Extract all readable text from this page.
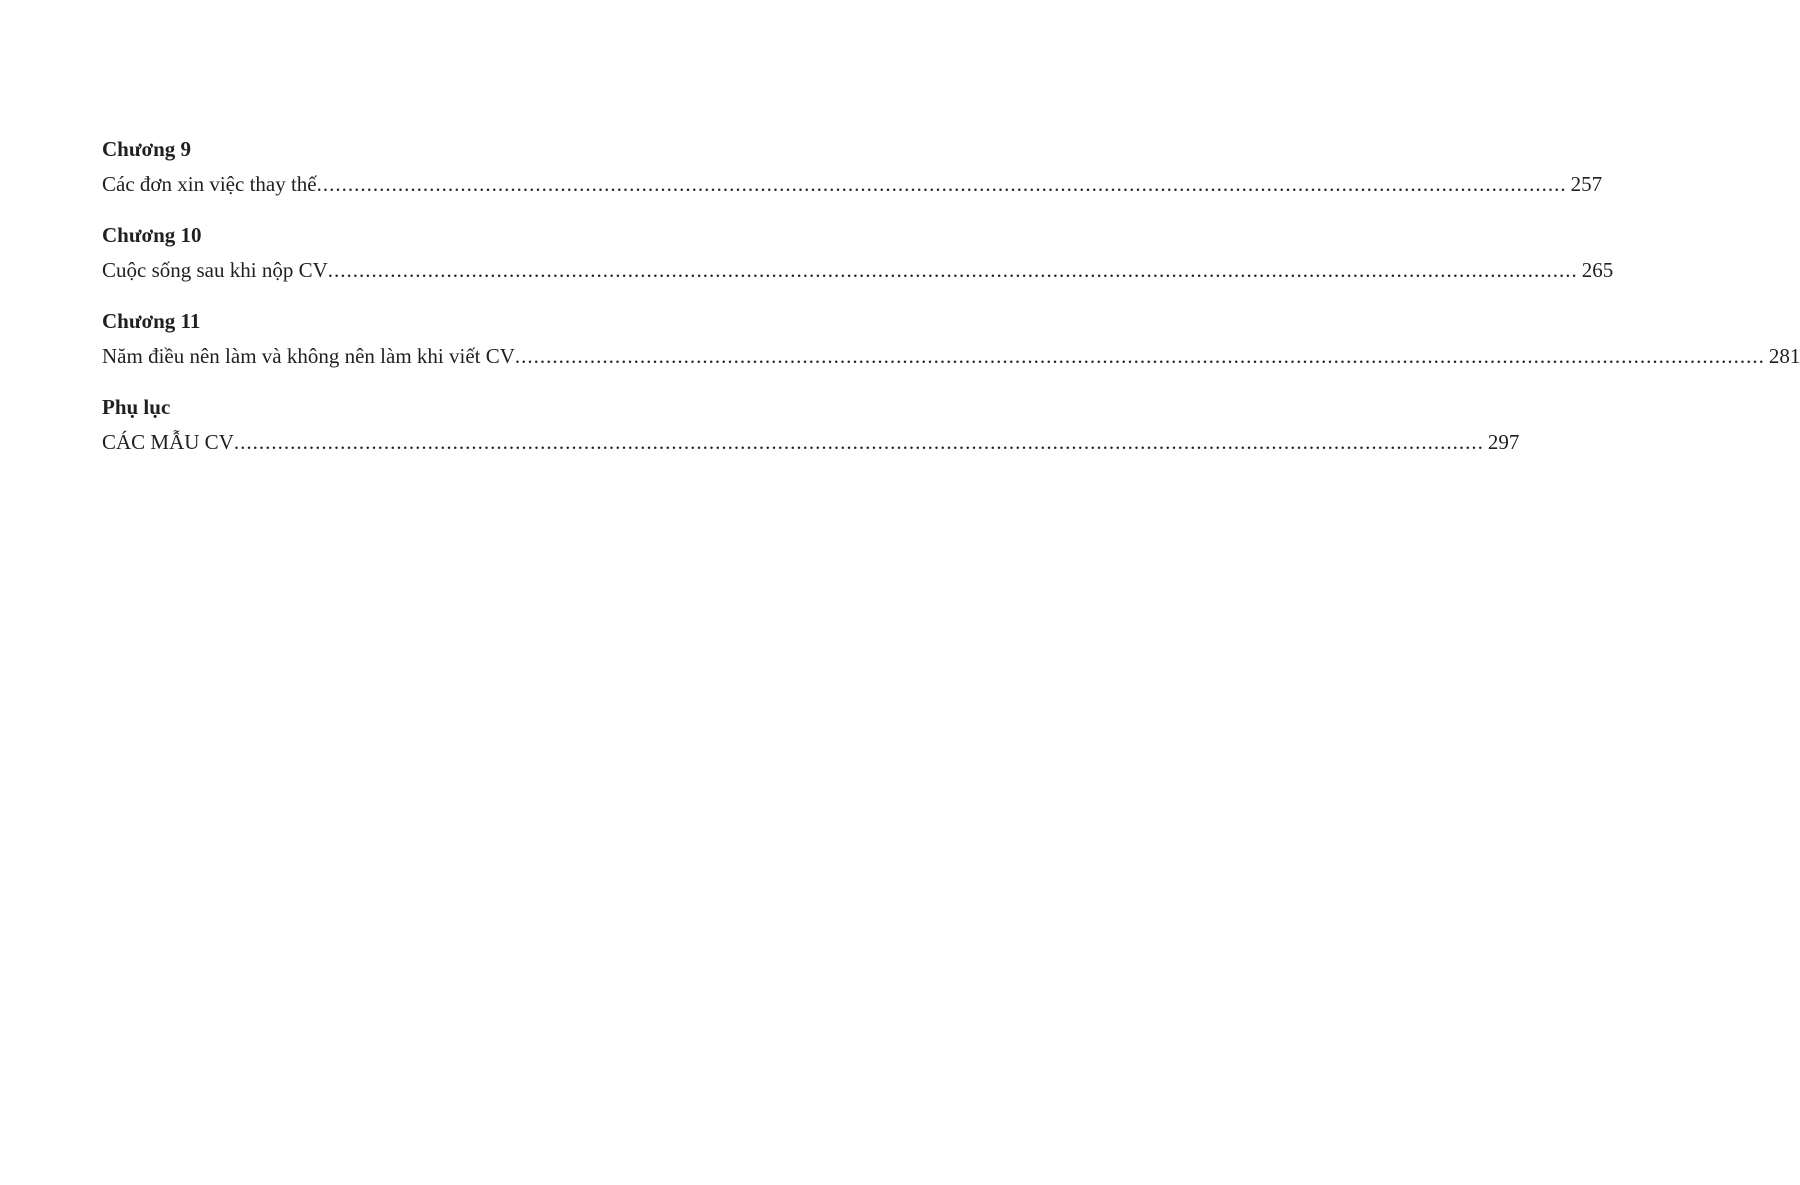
Chương 9
Các đơn xin việc thay thế ........................................................................................................................................................................................................ 257
Chương 10
Cuộc sống sau khi nộp CV ........................................................................................................................................................................................................ 265
Chương 11
Năm điều nên làm và không nên làm khi viết CV ........................................................................................................................................................................................................ 281
Phụ lục
CÁC MẪU CV ........................................................................................................................................................................................................ 297
